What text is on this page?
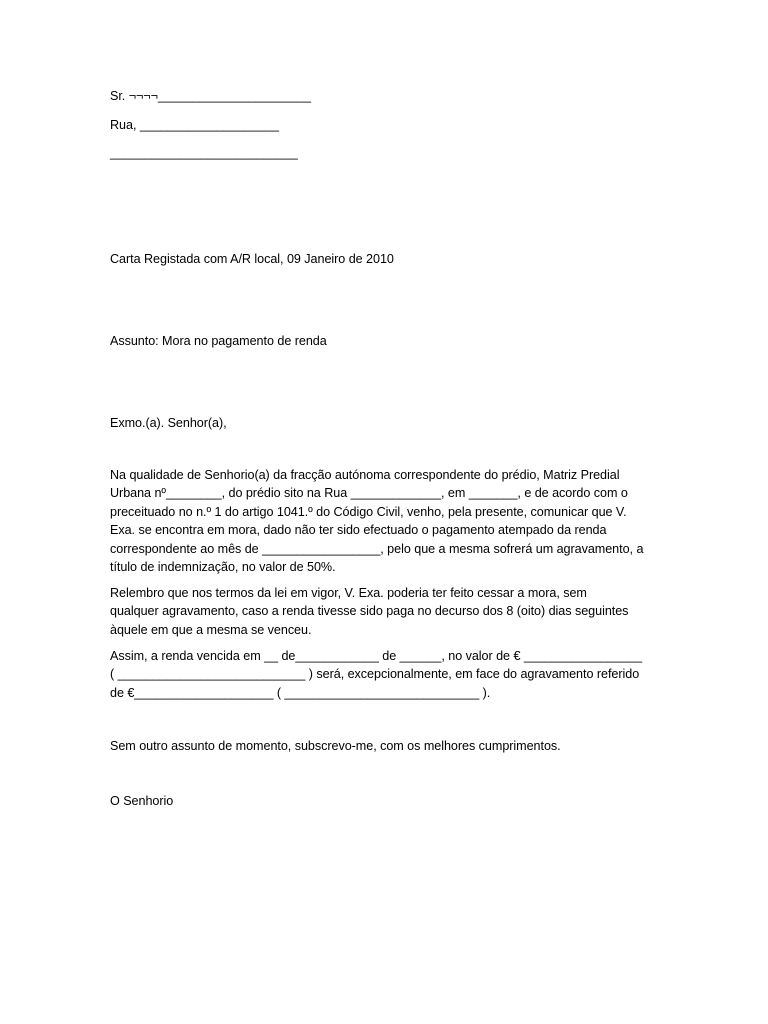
Sr. ¬¬¬¬______________________
Rua, ____________________
___________________________
Carta Registada com A/R local, 09 Janeiro de 2010
Assunto: Mora no pagamento de renda
Exmo.(a). Senhor(a),
Na qualidade de Senhorio(a) da fracção autónoma correspondente do prédio, Matriz Predial
Urbana nº________, do prédio sito na Rua _____________, em _______, e de acordo com o
preceituado no n.º 1 do artigo 1041.º do Código Civil, venho, pela presente, comunicar que V.
Exa. se encontra em mora, dado não ter sido efectuado o pagamento atempado da renda
correspondente ao mês de _________________, pelo que a mesma sofrerá um agravamento, a
título de indemnização, no valor de 50%.
Relembro que nos termos da lei em vigor, V. Exa. poderia ter feito cessar a mora, sem
qualquer agravamento, caso a renda tivesse sido paga no decurso dos 8 (oito) dias seguintes
àquele em que a mesma se venceu.
Assim, a renda vencida em __ de____________ de ______, no valor de € _________________
( ___________________________ ) será, excepcionalmente, em face do agravamento referido
de €____________________ ( ____________________________ ).
Sem outro assunto de momento, subscrevo-me, com os melhores cumprimentos.
O Senhorio
